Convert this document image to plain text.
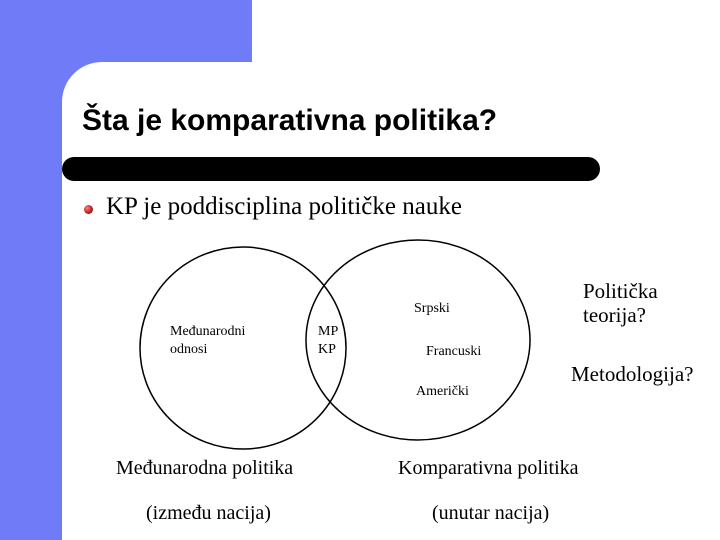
Šta je komparativna politika?
KP je poddisciplina političke nauke
Međunarodni
odnosi
MP
KP
Srpski
Francuski
Američki
Politička
teorija?
Metodologija?
Međunarodna politika
(između nacija)
Komparativna politika
(unutar nacija)
